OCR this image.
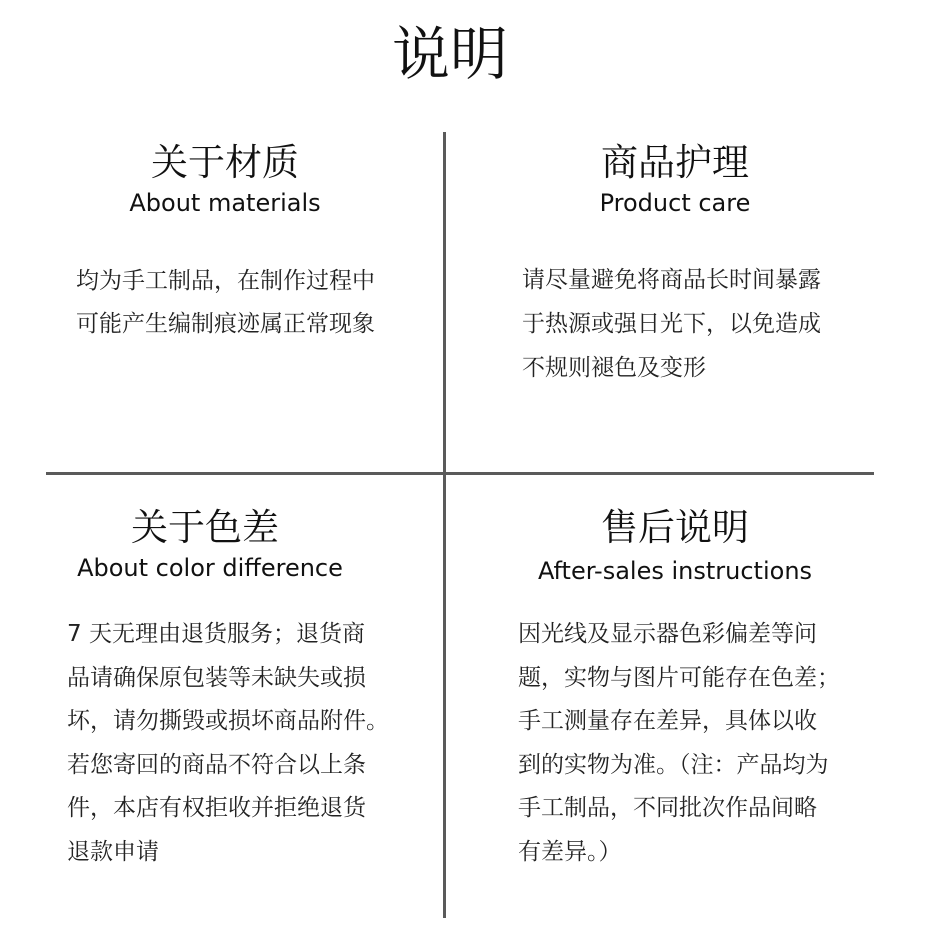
说明
关于材质
About materials
均为手工制品，在制作过程中
可能产生编制痕迹属正常现象
商品护理
Product care
请尽量避免将商品长时间暴露
于热源或强日光下，以免造成
不规则褪色及变形
关于色差
About color difference
7 天无理由退货服务；退货商
品请确保原包装等未缺失或损
坏，请勿撕毁或损坏商品附件。
若您寄回的商品不符合以上条
件，本店有权拒收并拒绝退货
退款申请
售后说明
After-sales instructions
因光线及显示器色彩偏差等问
题，实物与图片可能存在色差；
手工测量存在差异，具体以收
到的实物为准。（注：产品均为
手工制品，不同批次作品间略
有差异。）
